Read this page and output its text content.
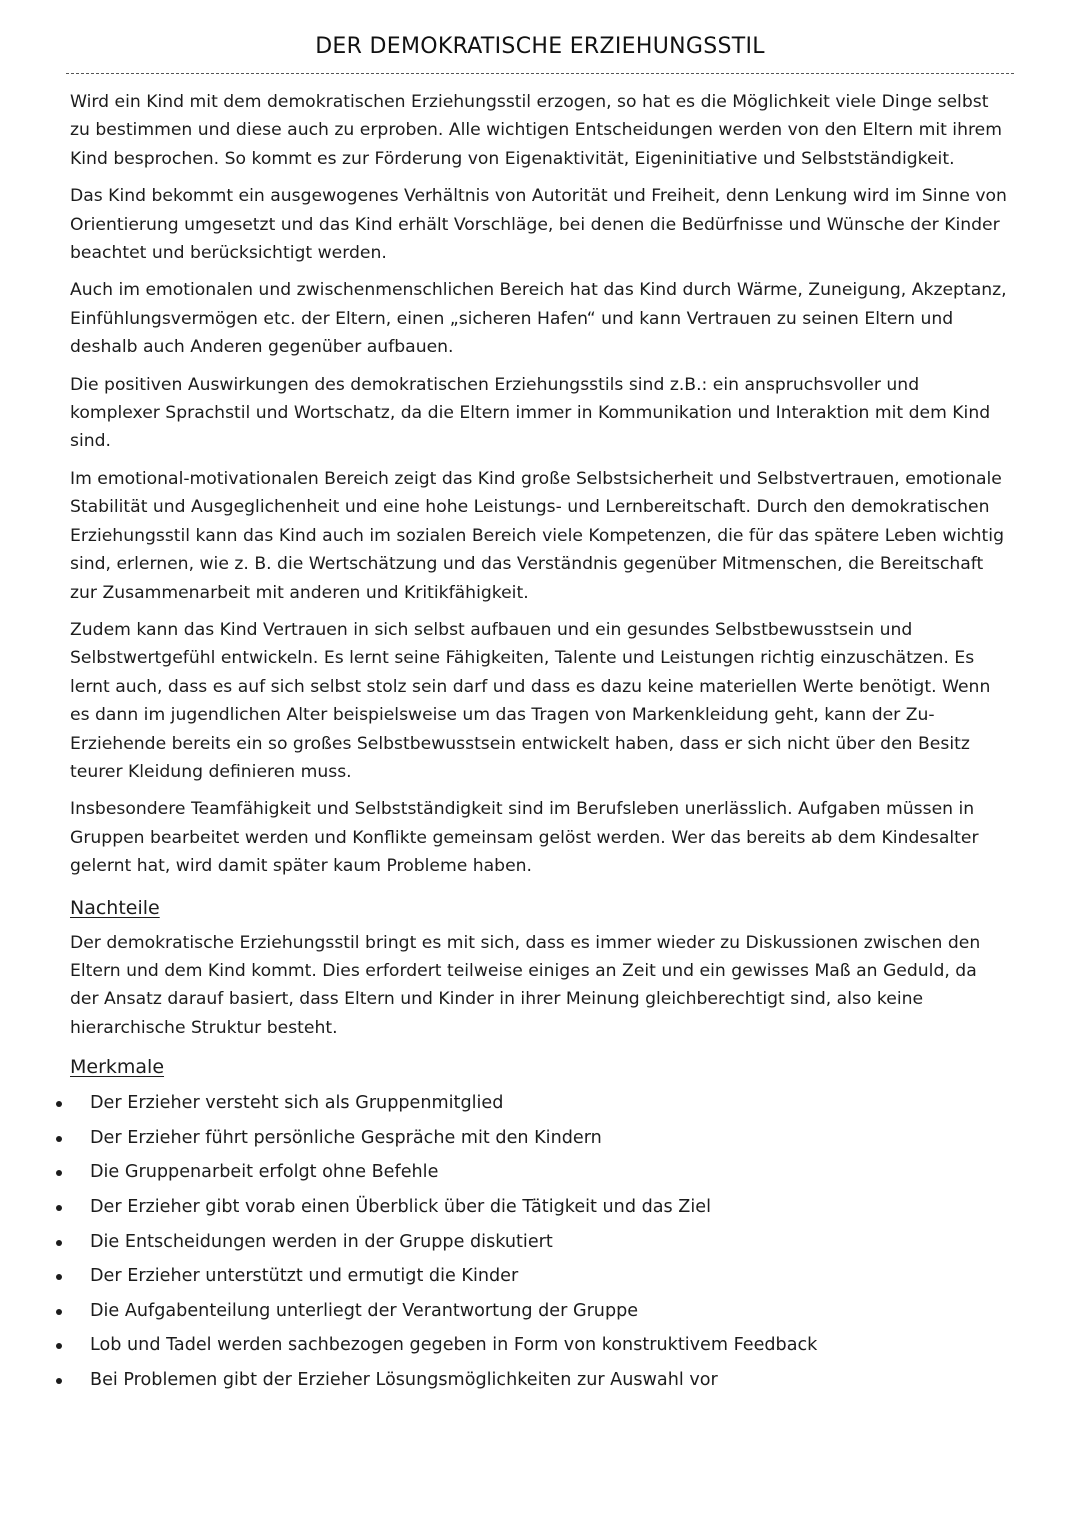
DER DEMOKRATISCHE ERZIEHUNGSSTIL

Wird ein Kind mit dem demokratischen Erziehungsstil erzogen, so hat es die Möglichkeit viele Dinge selbst zu bestimmen und diese auch zu erproben. Alle wichtigen Entscheidungen werden von den Eltern mit ihrem Kind besprochen. So kommt es zur Förderung von Eigenaktivität, Eigeninitiative und Selbstständigkeit.

Das Kind bekommt ein ausgewogenes Verhältnis von Autorität und Freiheit, denn Lenkung wird im Sinne von Orientierung umgesetzt und das Kind erhält Vorschläge, bei denen die Bedürfnisse und Wünsche der Kinder beachtet und berücksichtigt werden.

Auch im emotionalen und zwischenmenschlichen Bereich hat das Kind durch Wärme, Zuneigung, Akzeptanz, Einfühlungsvermögen etc. der Eltern, einen „sicheren Hafen“ und kann Vertrauen zu seinen Eltern und deshalb auch Anderen gegenüber aufbauen.

Die positiven Auswirkungen des demokratischen Erziehungsstils sind z.B.: ein anspruchsvoller und komplexer Sprachstil und Wortschatz, da die Eltern immer in Kommunikation und Interaktion mit dem Kind sind.

Im emotional-motivationalen Bereich zeigt das Kind große Selbstsicherheit und Selbstvertrauen, emotionale Stabilität und Ausgeglichenheit und eine hohe Leistungs- und Lernbereitschaft. Durch den demokratischen Erziehungsstil kann das Kind auch im sozialen Bereich viele Kompetenzen, die für das spätere Leben wichtig sind, erlernen, wie z. B. die Wertschätzung und das Verständnis gegenüber Mitmenschen, die Bereitschaft zur Zusammenarbeit mit anderen und Kritikfähigkeit.

Zudem kann das Kind Vertrauen in sich selbst aufbauen und ein gesundes Selbstbewusstsein und Selbstwertgefühl entwickeln. Es lernt seine Fähigkeiten, Talente und Leistungen richtig einzuschätzen. Es lernt auch, dass es auf sich selbst stolz sein darf und dass es dazu keine materiellen Werte benötigt. Wenn es dann im jugendlichen Alter beispielsweise um das Tragen von Markenkleidung geht, kann der Zu-Erziehende bereits ein so großes Selbstbewusstsein entwickelt haben, dass er sich nicht über den Besitz teurer Kleidung definieren muss.

Insbesondere Teamfähigkeit und Selbstständigkeit sind im Berufsleben unerlässlich. Aufgaben müssen in Gruppen bearbeitet werden und Konflikte gemeinsam gelöst werden. Wer das bereits ab dem Kindesalter gelernt hat, wird damit später kaum Probleme haben.

Nachteile

Der demokratische Erziehungsstil bringt es mit sich, dass es immer wieder zu Diskussionen zwischen den Eltern und dem Kind kommt. Dies erfordert teilweise einiges an Zeit und ein gewisses Maß an Geduld, da der Ansatz darauf basiert, dass Eltern und Kinder in ihrer Meinung gleichberechtigt sind, also keine hierarchische Struktur besteht.

Merkmale
Der Erzieher versteht sich als Gruppenmitglied
Der Erzieher führt persönliche Gespräche mit den Kindern
Die Gruppenarbeit erfolgt ohne Befehle
Der Erzieher gibt vorab einen Überblick über die Tätigkeit und das Ziel
Die Entscheidungen werden in der Gruppe diskutiert
Der Erzieher unterstützt und ermutigt die Kinder
Die Aufgabenteilung unterliegt der Verantwortung der Gruppe
Lob und Tadel werden sachbezogen gegeben in Form von konstruktivem Feedback
Bei Problemen gibt der Erzieher Lösungsmöglichkeiten zur Auswahl vor
